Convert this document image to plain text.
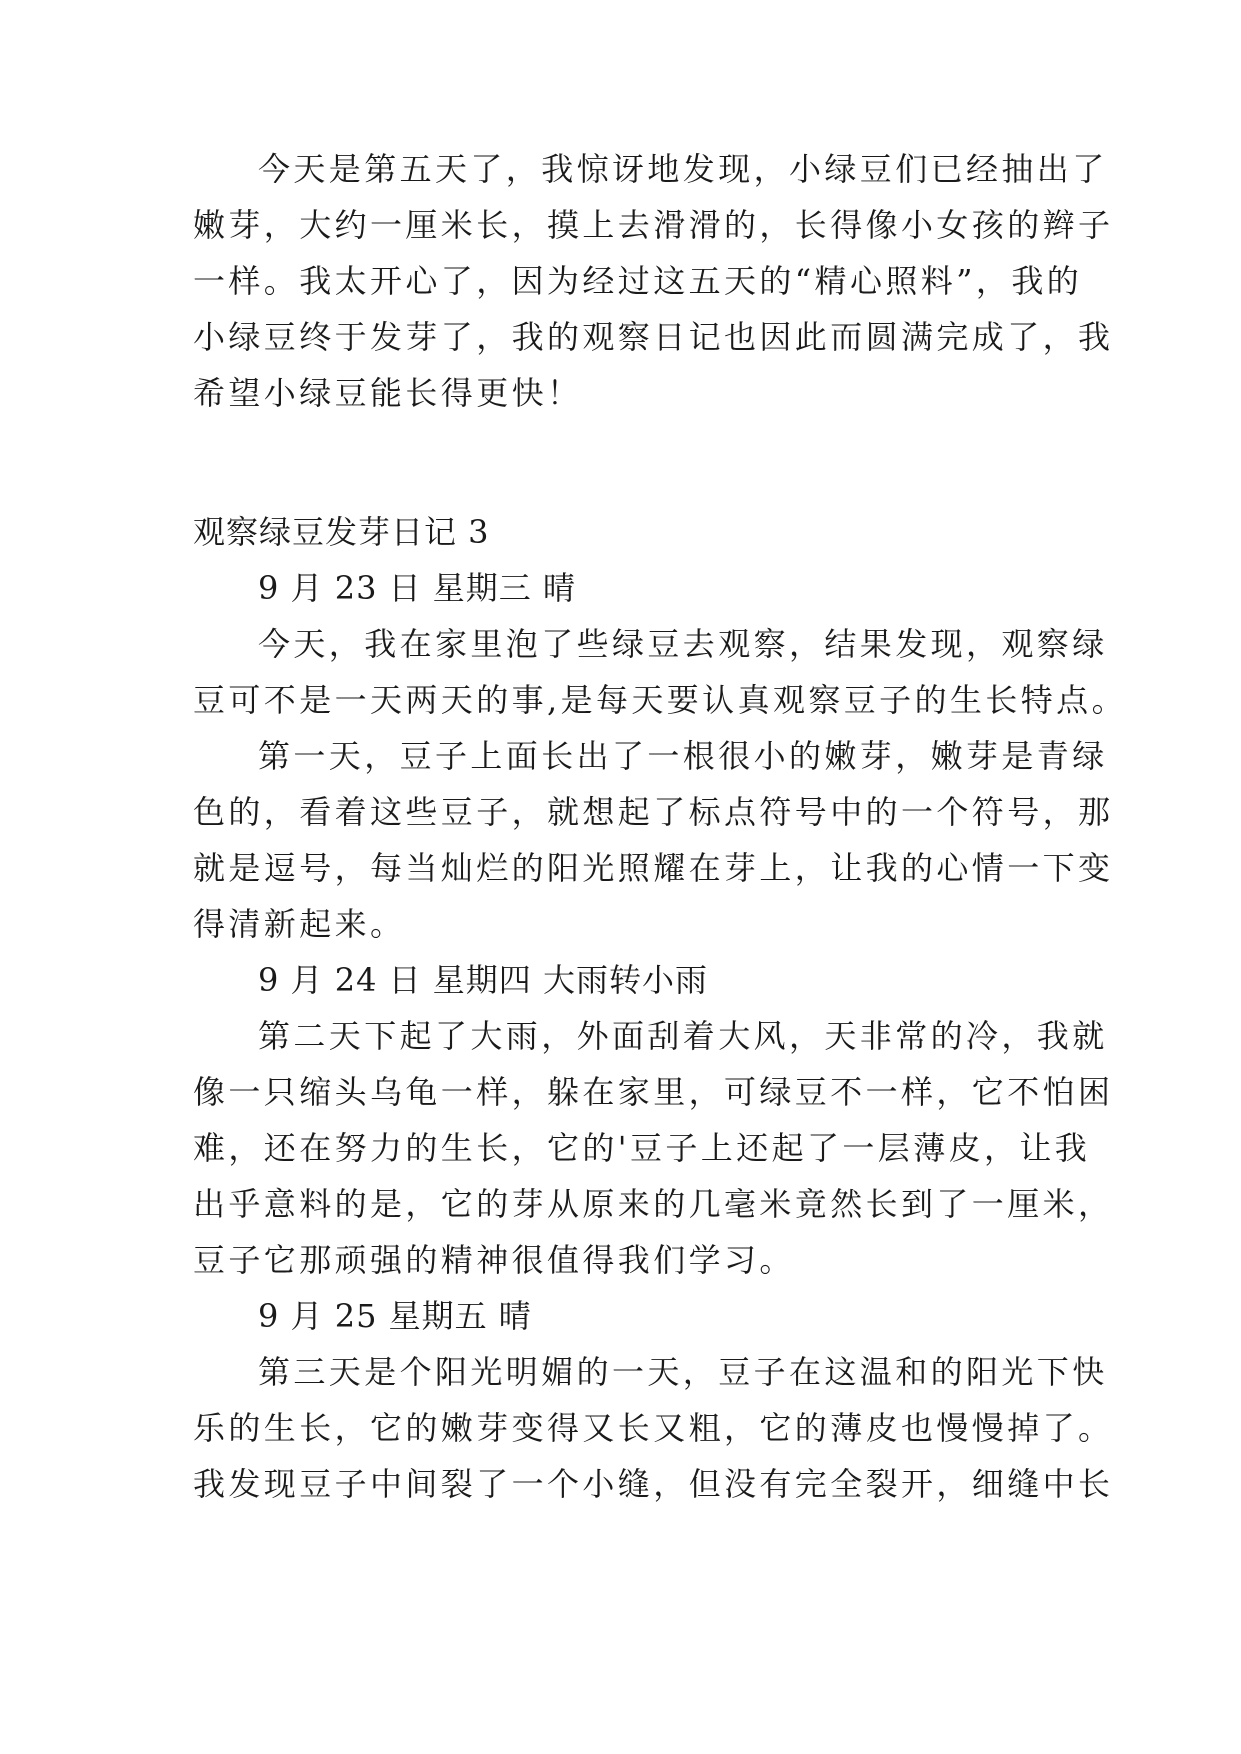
今天是第五天了，我惊讶地发现，小绿豆们已经抽出了
嫩芽，大约一厘米长，摸上去滑滑的，长得像小女孩的辫子
一样。我太开心了，因为经过这五天的“精心照料”，我的
小绿豆终于发芽了，我的观察日记也因此而圆满完成了，我
希望小绿豆能长得更快！
观察绿豆发芽日记 3
9 月 23 日 星期三 晴
今天，我在家里泡了些绿豆去观察，结果发现，观察绿
豆可不是一天两天的事,是每天要认真观察豆子的生长特点。
第一天，豆子上面长出了一根很小的嫩芽，嫩芽是青绿
色的，看着这些豆子，就想起了标点符号中的一个符号，那
就是逗号，每当灿烂的阳光照耀在芽上，让我的心情一下变
得清新起来。
9 月 24 日 星期四 大雨转小雨
第二天下起了大雨，外面刮着大风，天非常的冷，我就
像一只缩头乌龟一样，躲在家里，可绿豆不一样，它不怕困
难，还在努力的生长，它的'豆子上还起了一层薄皮，让我
出乎意料的是，它的芽从原来的几毫米竟然长到了一厘米，
豆子它那顽强的精神很值得我们学习。
9 月 25 星期五 晴
第三天是个阳光明媚的一天，豆子在这温和的阳光下快
乐的生长，它的嫩芽变得又长又粗，它的薄皮也慢慢掉了。
我发现豆子中间裂了一个小缝，但没有完全裂开，细缝中长
